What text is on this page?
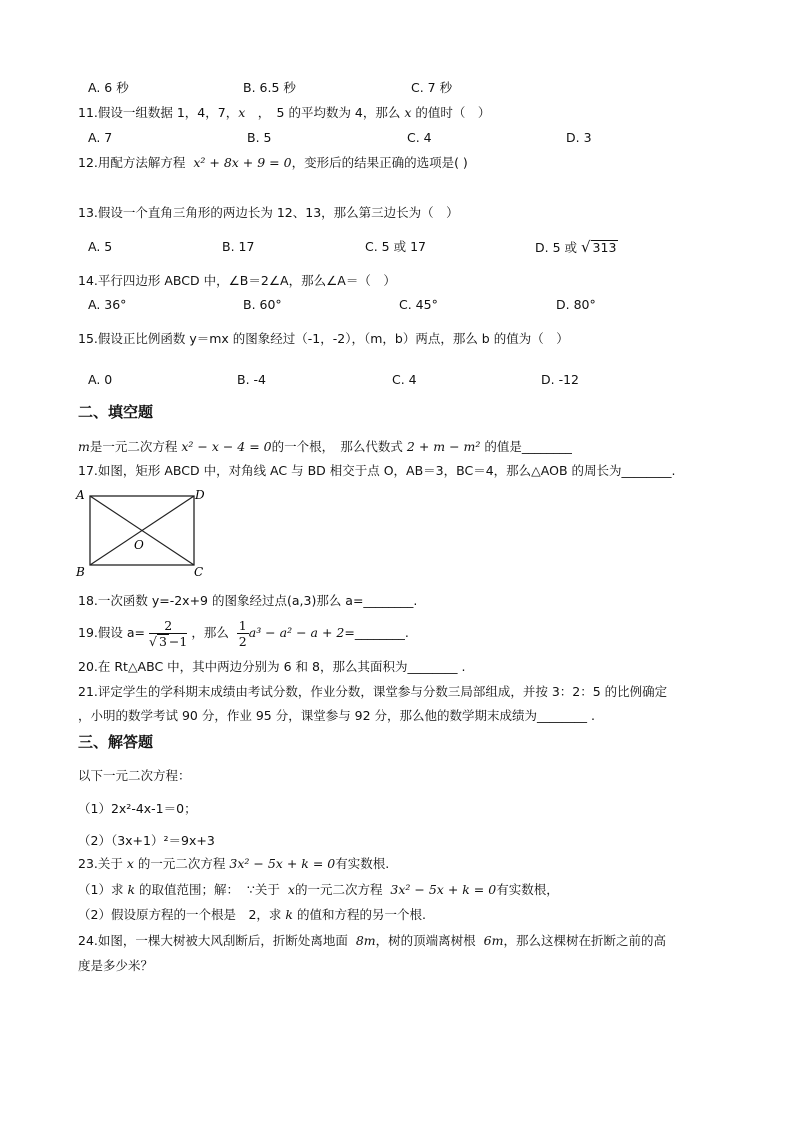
A. 6 秒	B. 6.5 秒	C. 7 秒
11.假设一组数据 1，4，7，x　，　5 的平均数为 4，那么 x 的值时（　）
A. 7	B. 5	C. 4	D. 3
12.用配方法解方程 x² + 8x + 9 = 0，变形后的结果正确的选项是( )
13.假设一个直角三角形的两边长为 12、13，那么第三边长为（　）
A. 5	B. 17	C. 5 或 17	D. 5 或 √ 313
14.平行四边形 ABCD 中，∠B＝2∠A，那么∠A＝（　）
A. 36°	B. 60°	C. 45°	D. 80°
15.假设正比例函数 y＝mx 的图象经过（-1，-2），（m，b）两点，那么 b 的值为（　）
A. 0	B. -4	C. 4	D. -12
二、填空题
m是一元二次方程 x² − x − 4 = 0的一个根，　那么代数式 2 + m − m² 的值是________
17.如图，矩形 ABCD 中，对角线 AC 与 BD 相交于点 O，AB＝3，BC＝4，那么△AOB 的周长为________.
A	D
B	C
O
18.一次函数 y=-2x+9 的图象经过点(a,3)那么 a=________.
19.假设 $a= \frac{2}{√ 3 -1}$ ，那么 $\frac{1}{2} a^3 - a^2 - a$ + 2=________.
20.在 Rt△ABC 中，其中两边分别为 6 和 8，那么其面积为________ .
21.评定学生的学科期末成绩由考试分数，作业分数，课堂参与分数三局部组成，并按 3：2：5 的比例确定
，小明的数学考试 90 分，作业 95 分，课堂参与 92 分，那么他的数学期末成绩为________ .
三、解答题
以下一元二次方程：
（1）2x²-4x-1＝0；
（2）（3x+1）²＝9x+3
23.关于 x 的一元二次方程 3x² − 5x + k = 0有实数根.
（1）求 k 的取值范围；解： ∵关于 x的一元二次方程 3x² − 5x + k = 0有实数根，
（2）假设原方程的一个根是　2，求 k 的值和方程的另一个根.
24.如图，一棵大树被大风刮断后，折断处离地面 8m，树的顶端离树根 6m，那么这棵树在折断之前的高
度是多少米？
